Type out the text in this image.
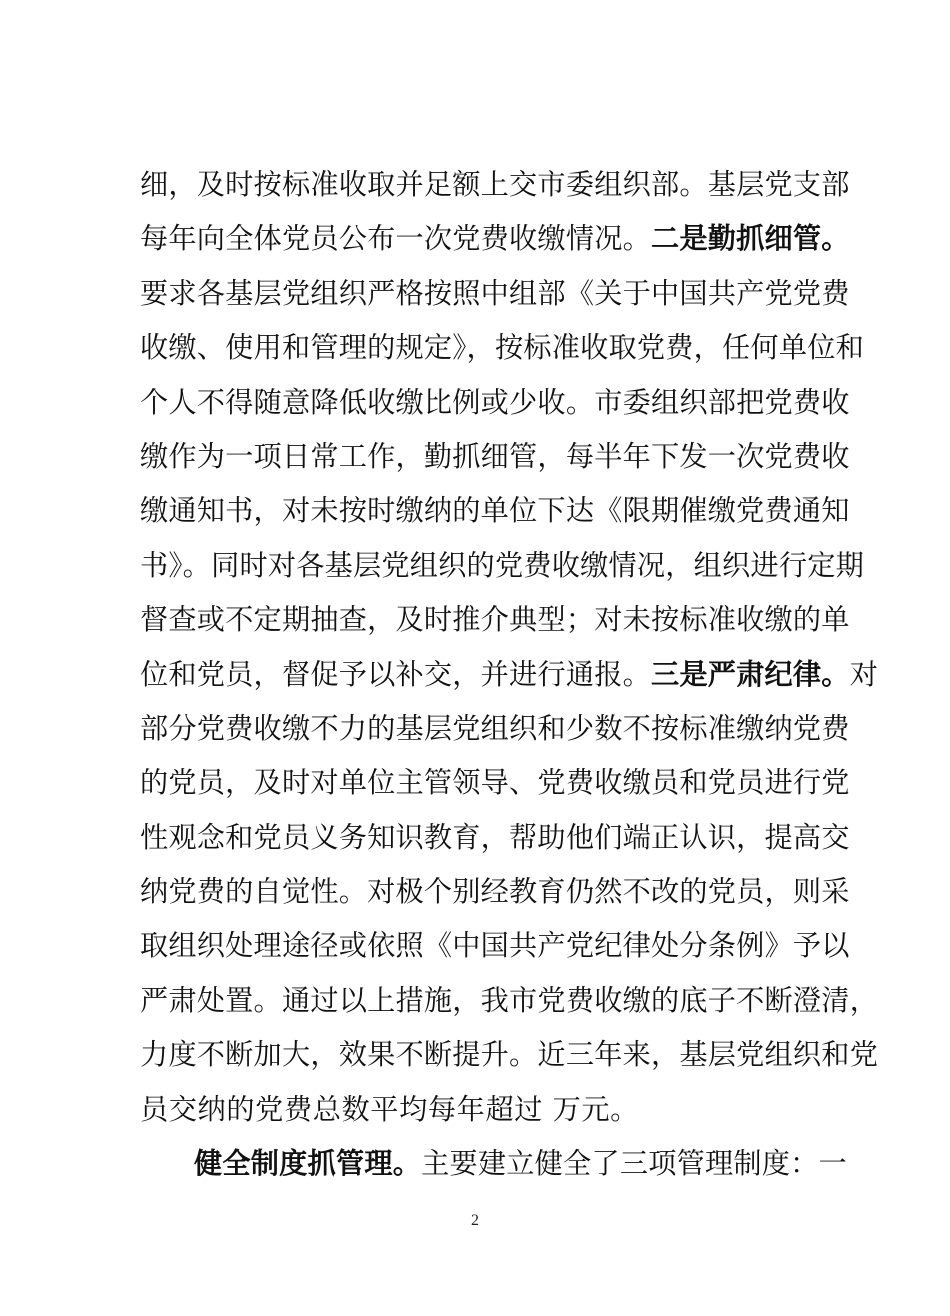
细，及时按标准收取并足额上交市委组织部。基层党支部
每年向全体党员公布一次党费收缴情况。二是勤抓细管。
要求各基层党组织严格按照中组部《关于中国共产党党费
收缴、使用和管理的规定》，按标准收取党费，任何单位和
个人不得随意降低收缴比例或少收。市委组织部把党费收
缴作为一项日常工作，勤抓细管，每半年下发一次党费收
缴通知书，对未按时缴纳的单位下达《限期催缴党费通知
书》。同时对各基层党组织的党费收缴情况，组织进行定期
督查或不定期抽查，及时推介典型；对未按标准收缴的单
位和党员，督促予以补交，并进行通报。三是严肃纪律。对
部分党费收缴不力的基层党组织和少数不按标准缴纳党费
的党员，及时对单位主管领导、党费收缴员和党员进行党
性观念和党员义务知识教育，帮助他们端正认识，提高交
纳党费的自觉性。对极个别经教育仍然不改的党员，则采
取组织处理途径或依照《中国共产党纪律处分条例》予以
严肃处置。通过以上措施，我市党费收缴的底子不断澄清，
力度不断加大，效果不断提升。近三年来，基层党组织和党
员交纳的党费总数平均每年超过 万元。
健全制度抓管理。主要建立健全了三项管理制度：一
2
